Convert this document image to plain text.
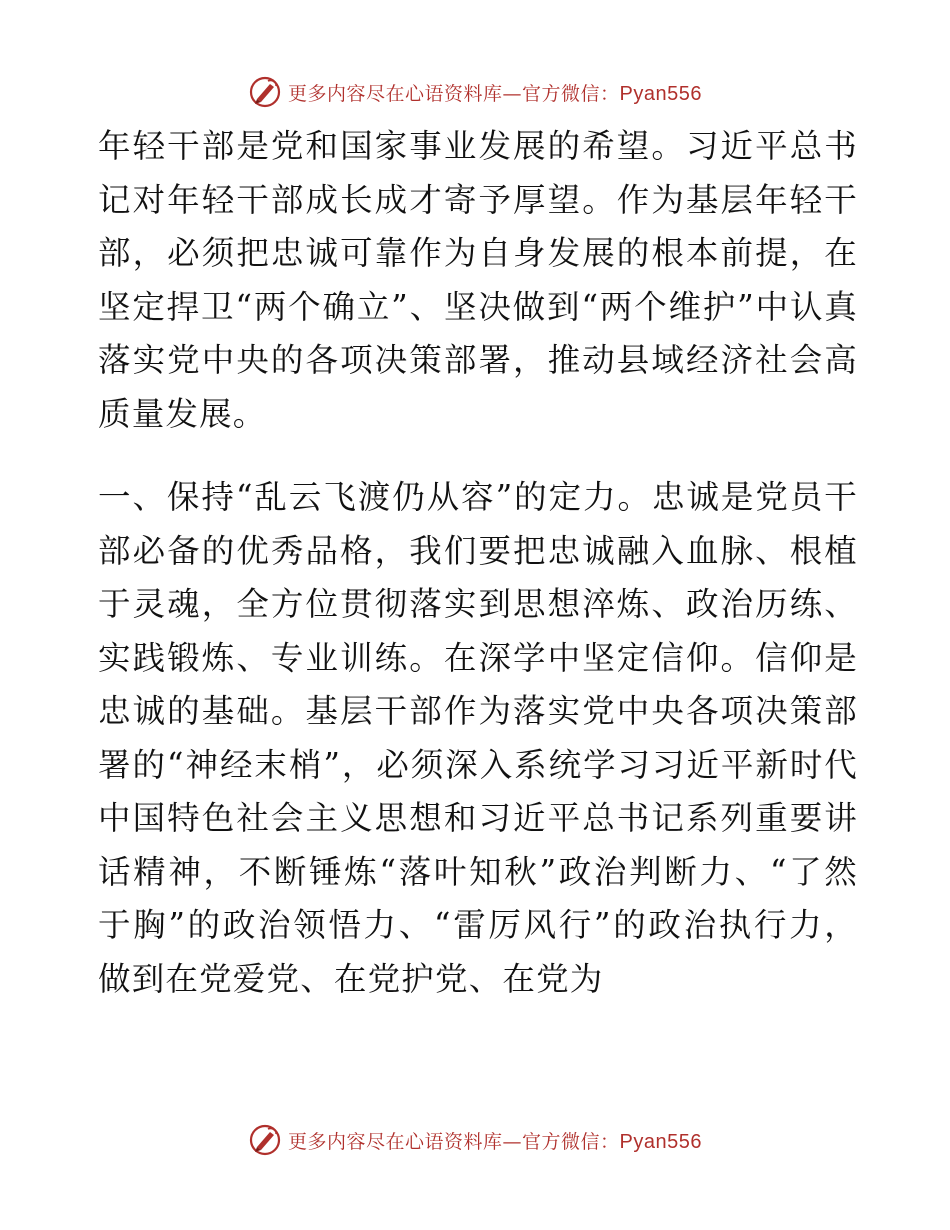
更多内容尽在心语资料库—官方微信：Pyan556

年轻干部是党和国家事业发展的希望。习近平总书记对年轻干部成长成才寄予厚望。作为基层年轻干部，必须把忠诚可靠作为自身发展的根本前提，在坚定捍卫“两个确立”、坚决做到“两个维护”中认真落实党中央的各项决策部署，推动县域经济社会高质量发展。

一、保持“乱云飞渡仍从容”的定力。忠诚是党员干部必备的优秀品格，我们要把忠诚融入血脉、根植于灵魂，全方位贯彻落实到思想淬炼、政治历练、实践锻炼、专业训练。在深学中坚定信仰。信仰是忠诚的基础。基层干部作为落实党中央各项决策部署的“神经末梢”，必须深入系统学习习近平新时代中国特色社会主义思想和习近平总书记系列重要讲话精神，不断锤炼“落叶知秋”政治判断力、“了然于胸”的政治领悟力、“雷厉风行”的政治执行力，做到在党爱党、在党护党、在党为

更多内容尽在心语资料库—官方微信：Pyan556
